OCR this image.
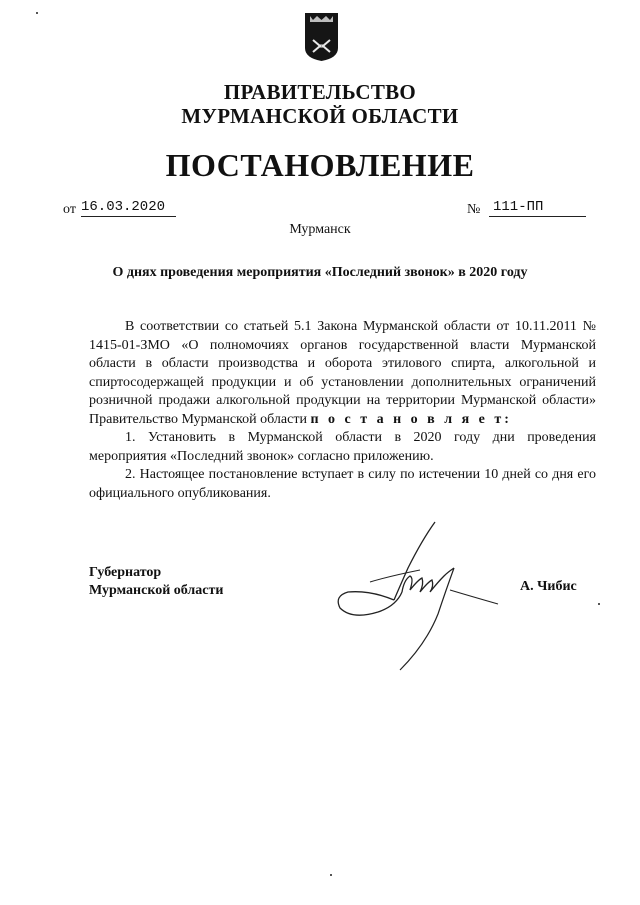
ПРАВИТЕЛЬСТВО
МУРМАНСКОЙ ОБЛАСТИ
ПОСТАНОВЛЕНИЕ
от 16.03.2020	№ 111-ПП
Мурманск
О днях проведения мероприятия «Последний звонок» в 2020 году

В соответствии со статьей 5.1 Закона Мурманской области от 10.11.2011 № 1415-01-ЗМО «О полномочиях органов государственной власти Мурманской области в области производства и оборота этилового спирта, алкогольной и спиртосодержащей продукции и об установлении дополнительных ограничений розничной продажи алкогольной продукции на территории Мурманской области» Правительство Мурманской области п о с т а н о в л я е т:

1. Установить в Мурманской области в 2020 году дни проведения мероприятия «Последний звонок» согласно приложению.

2. Настоящее постановление вступает в силу по истечении 10 дней со дня его официального опубликования.

Губернатор
Мурманской области	А. Чибис
